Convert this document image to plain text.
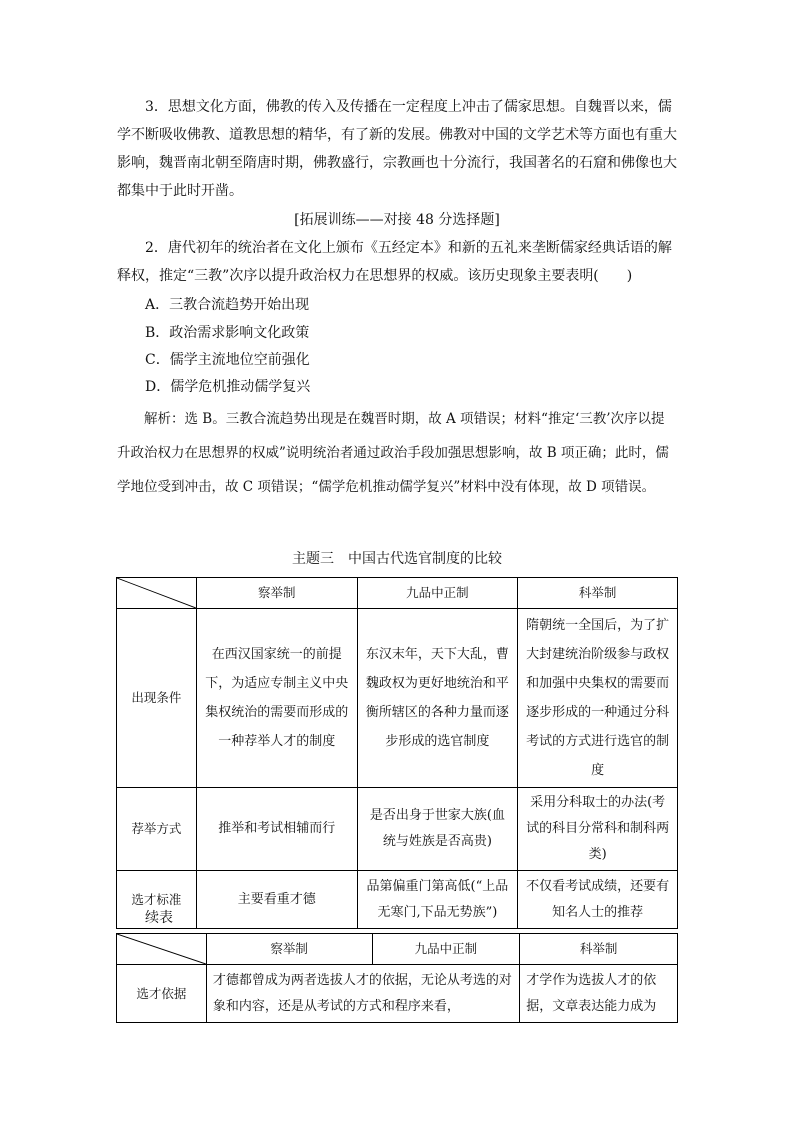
3．思想文化方面，佛教的传入及传播在一定程度上冲击了儒家思想。自魏晋以来，儒学不断吸收佛教、道教思想的精华，有了新的发展。佛教对中国的文学艺术等方面也有重大影响，魏晋南北朝至隋唐时期，佛教盛行，宗教画也十分流行，我国著名的石窟和佛像也大都集中于此时开凿。
[拓展训练——对接 48 分选择题]
2．唐代初年的统治者在文化上颁布《五经定本》和新的五礼来垄断儒家经典话语的解释权，推定“三教”次序以提升政治权力在思想界的权威。该历史现象主要表明(　　)
A．三教合流趋势开始出现
B．政治需求影响文化政策
C．儒学主流地位空前强化
D．儒学危机推动儒学复兴
解析：选 B。三教合流趋势出现是在魏晋时期，故 A 项错误；材料“推定‘三教’次序以提升政治权力在思想界的权威”说明统治者通过政治手段加强思想影响，故 B 项正确；此时，儒学地位受到冲击，故 C 项错误；“儒学危机推动儒学复兴”材料中没有体现，故 D 项错误。
主题三　中国古代选官制度的比较
	察举制	九品中正制	科举制
出现条件	在西汉国家统一的前提下，为适应专制主义中央集权统治的需要而形成的一种荐举人才的制度	东汉末年，天下大乱，曹魏政权为更好地统治和平衡所辖区的各种力量而逐步形成的选官制度	隋朝统一全国后，为了扩大封建统治阶级参与政权和加强中央集权的需要而逐步形成的一种通过分科考试的方式进行选官的制度
荐举方式	推举和考试相辅而行	是否出身于世家大族(血统与姓族是否高贵)	采用分科取士的办法(考试的科目分常科和制科两类)
选才标准	主要看重才德	品第偏重门第高低(“上品无寒门,下品无势族”)	不仅看考试成绩，还要有知名人士的推荐
续表
	察举制	九品中正制	科举制
选才依据	才德都曾成为两者选拔人才的依据，无论从考选的对象和内容，还是从考试的方式和程序来看，		才学作为选拔人才的依据，文章表达能力成为
